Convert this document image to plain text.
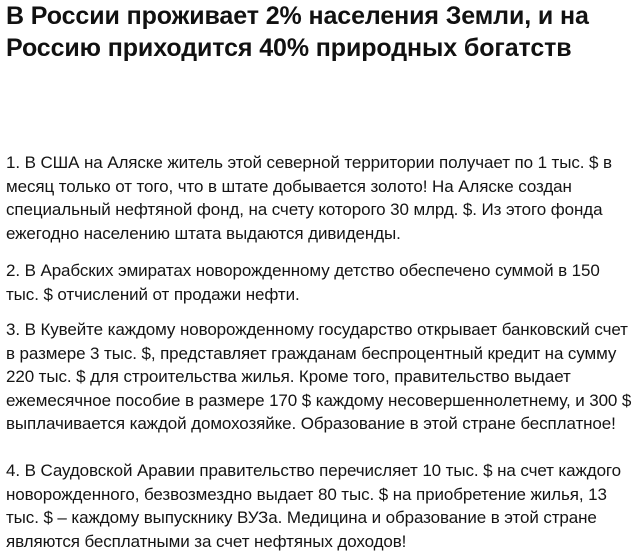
В России проживает 2% населения Земли, и на Россию приходится 40% природных богатств

1. В США на Аляске житель этой северной территории получает по 1 тыс. $ в месяц только от того, что в штате добывается золото! На Аляске создан специальный нефтяной фонд, на счету которого 30 млрд. $. Из этого фонда ежегодно населению штата выдаются дивиденды.

2. В Арабских эмиратах новорожденному детство обеспечено суммой в 150 тыс. $ отчислений от продажи нефти.

3. В Кувейте каждому новорожденному государство открывает банковский счет в размере 3 тыс. $, представляет гражданам беспроцентный кредит на сумму 220 тыс. $ для строительства жилья. Кроме того, правительство выдает ежемесячное пособие в размере 170 $ каждому несовершеннолетнему, и 300 $ выплачивается каждой домохозяйке. Образование в этой стране бесплатное!

4. В Саудовской Аравии правительство перечисляет 10 тыс. $ на счет каждого новорожденного, безвозмездно выдает 80 тыс. $ на приобретение жилья, 13 тыс. $ – каждому выпускнику ВУЗа. Медицина и образование в этой стране являются бесплатными за счет нефтяных доходов!
